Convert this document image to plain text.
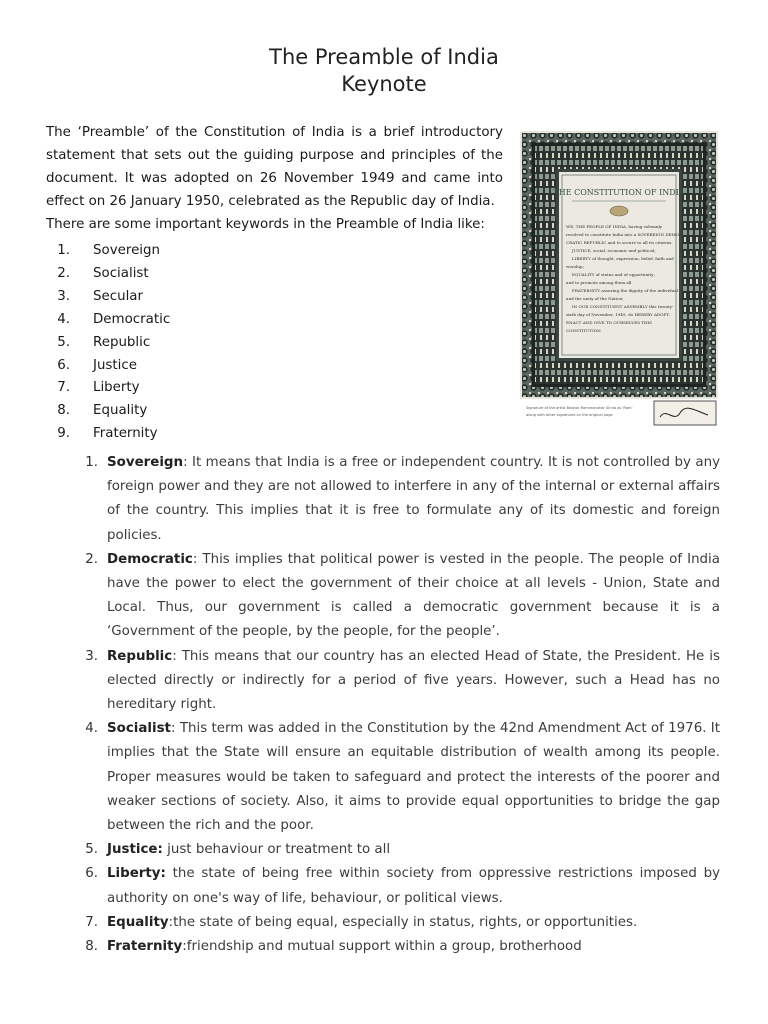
The Preamble of India
Keynote

The ‘Preamble’ of the Constitution of India is a brief introductory statement that sets out the guiding purpose and principles of the document. It was adopted on 26 November 1949 and came into effect on 26 January 1950, celebrated as the Republic day of India.

There are some important keywords in the Preamble of India like:

1.	Sovereign
2.	Socialist
3.	Secular
4.	Democratic
5.	Republic
6.	Justice
7.	Liberty
8.	Equality
9.	Fraternity
THE CONSTITUTION OF INDIA
WE, THE PEOPLE OF INDIA, having solemnly
resolved to constitute India into a SOVEREIGN DEMO-
CRATIC REPUBLIC and to secure to all its citizens:
JUSTICE, social, economic and political;
LIBERTY of thought, expression, belief, faith and
worship;
EQUALITY of status and of opportunity;
and to promote among them all
FRATERNITY assuring the dignity of the individual
and the unity of the Nation;
IN OUR CONSTITUENT ASSEMBLY this twenty-
sixth day of November, 1949, do HEREBY ADOPT,
ENACT AND GIVE TO OURSELVES THIS
CONSTITUTION.
Signature of the artist Beohar Rammanohar Sinha as 'Ram'
along with other signatures on the original page
1. Sovereign: It means that India is a free or independent country. It is not controlled by any foreign power and they are not allowed to interfere in any of the internal or external affairs of the country. This implies that it is free to formulate any of its domestic and foreign policies.
2. Democratic: This implies that political power is vested in the people. The people of India have the power to elect the government of their choice at all levels - Union, State and Local. Thus, our government is called a democratic government because it is a ‘Government of the people, by the people, for the people’.
3. Republic: This means that our country has an elected Head of State, the President. He is elected directly or indirectly for a period of five years. However, such a Head has no hereditary right.
4. Socialist: This term was added in the Constitution by the 42nd Amendment Act of 1976. It implies that the State will ensure an equitable distribution of wealth among its people. Proper measures would be taken to safeguard and protect the interests of the poorer and weaker sections of society. Also, it aims to provide equal opportunities to bridge the gap between the rich and the poor.
5. Justice: just behaviour or treatment to all
6. Liberty: the state of being free within society from oppressive restrictions imposed by authority on one's way of life, behaviour, or political views.
7. Equality:the state of being equal, especially in status, rights, or opportunities.
8. Fraternity:friendship and mutual support within a group, brotherhood
